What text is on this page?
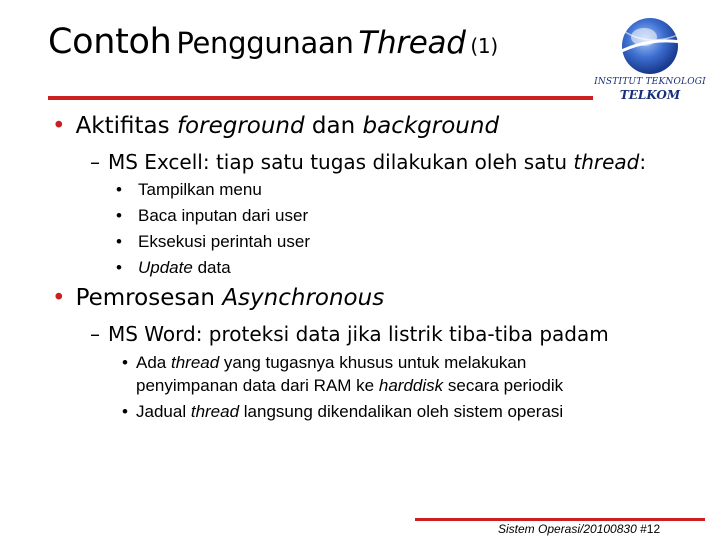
Contoh Penggunaan Thread (1)
INSTITUT TEKNOLOGI
TELKOM
• Aktifitas foreground dan background
– MS Excell: tiap satu tugas dilakukan oleh satu thread:
• Tampilkan menu
• Baca inputan dari user
• Eksekusi perintah user
• Update data
• Pemrosesan Asynchronous
– MS Word: proteksi data jika listrik tiba-tiba padam
• Ada thread yang tugasnya khusus untuk melakukan
penyimpanan data dari RAM ke harddisk secara periodik
• Jadual thread langsung dikendalikan oleh sistem operasi
Sistem Operasi/20100830 #12
